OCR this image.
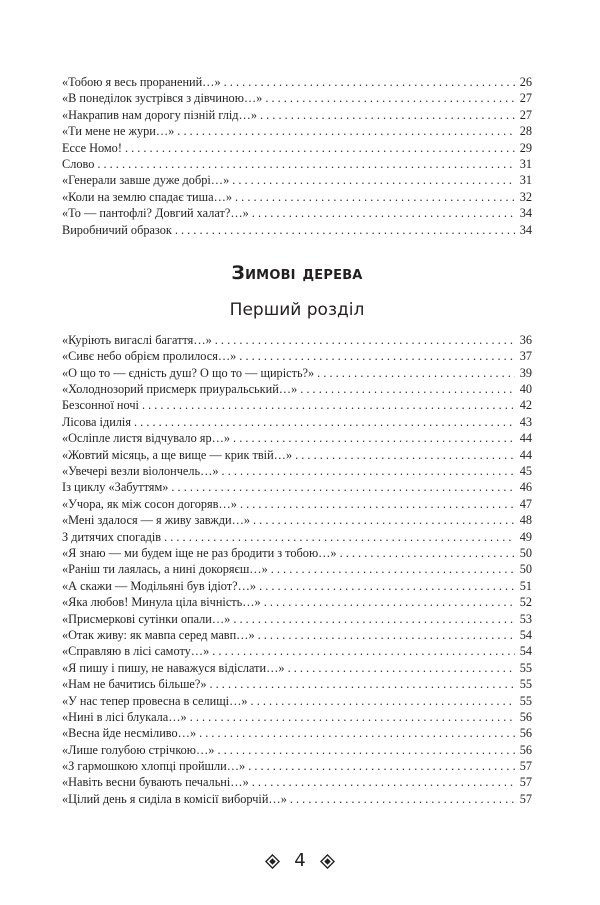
«Тобою я весь проранений…» . . .	26
«В понеділок зустрівся з дівчиною…» . . .	27
«Накрапив нам дорогу пізній глід…» . . .	27
«Ти мене не жури…» . . .	28
Ессе Номо! . . .	29
Слово . . .	31
«Генерали завше дуже добрі…» . . .	31
«Коли на землю спадає тиша…» . . .	32
«То — пантофлі? Довгий халат?…» . . .	34
Виробничий образок . . .	34
Зимові дерева
Перший розділ
«Куріють вигаслі багаття…» . . .	36
«Сивє небо обрієм пролилося…» . . .	37
«О що то — єдність душ? О що то — щирість?» . . .	39
«Холоднозорий присмерк приуральський…» . . .	40
Безсонної ночі . . .	42
Лісова ідилія . . .	43
«Осліпле листя відчувало яр…» . . .	44
«Жовтий місяць, а ще вище — крик твій…» . . .	44
«Увечері везли віолончель…» . . .	45
Із циклу «Забуттям» . . .	46
«Учора, як між сосон догоряв…» . . .	47
«Мені здалося — я живу завжди…» . . .	48
З дитячих спогадів . . .	49
«Я знаю — ми будем іще не раз бродити з тобою…» . . .	50
«Раніш ти лаялась, а нині докоряєш…» . . .	50
«А скажи — Модільяні був ідіот?…» . . .	51
«Яка любов! Минула ціла вічність…» . . .	52
«Присмеркові сутінки опали…» . . .	53
«Отак живу: як мавпа серед мавп…» . . .	54
«Справляю в лісі самоту…» . . .	54
«Я пишу і пишу, не наважуся відіслати…» . . .	55
«Нам не бачитись більше?» . . .	55
«У нас тепер провесна в селищі…» . . .	55
«Нині в лісі блукала…» . . .	56
«Весна йде несміливо…» . . .	56
«Лише голубою стрічкою…» . . .	56
«З гармошкою хлопці пройшли…» . . .	57
«Навіть весни бувають печальні…» . . .	57
«Цілий день я сиділа в комісії виборчій…» . . .	57
4
